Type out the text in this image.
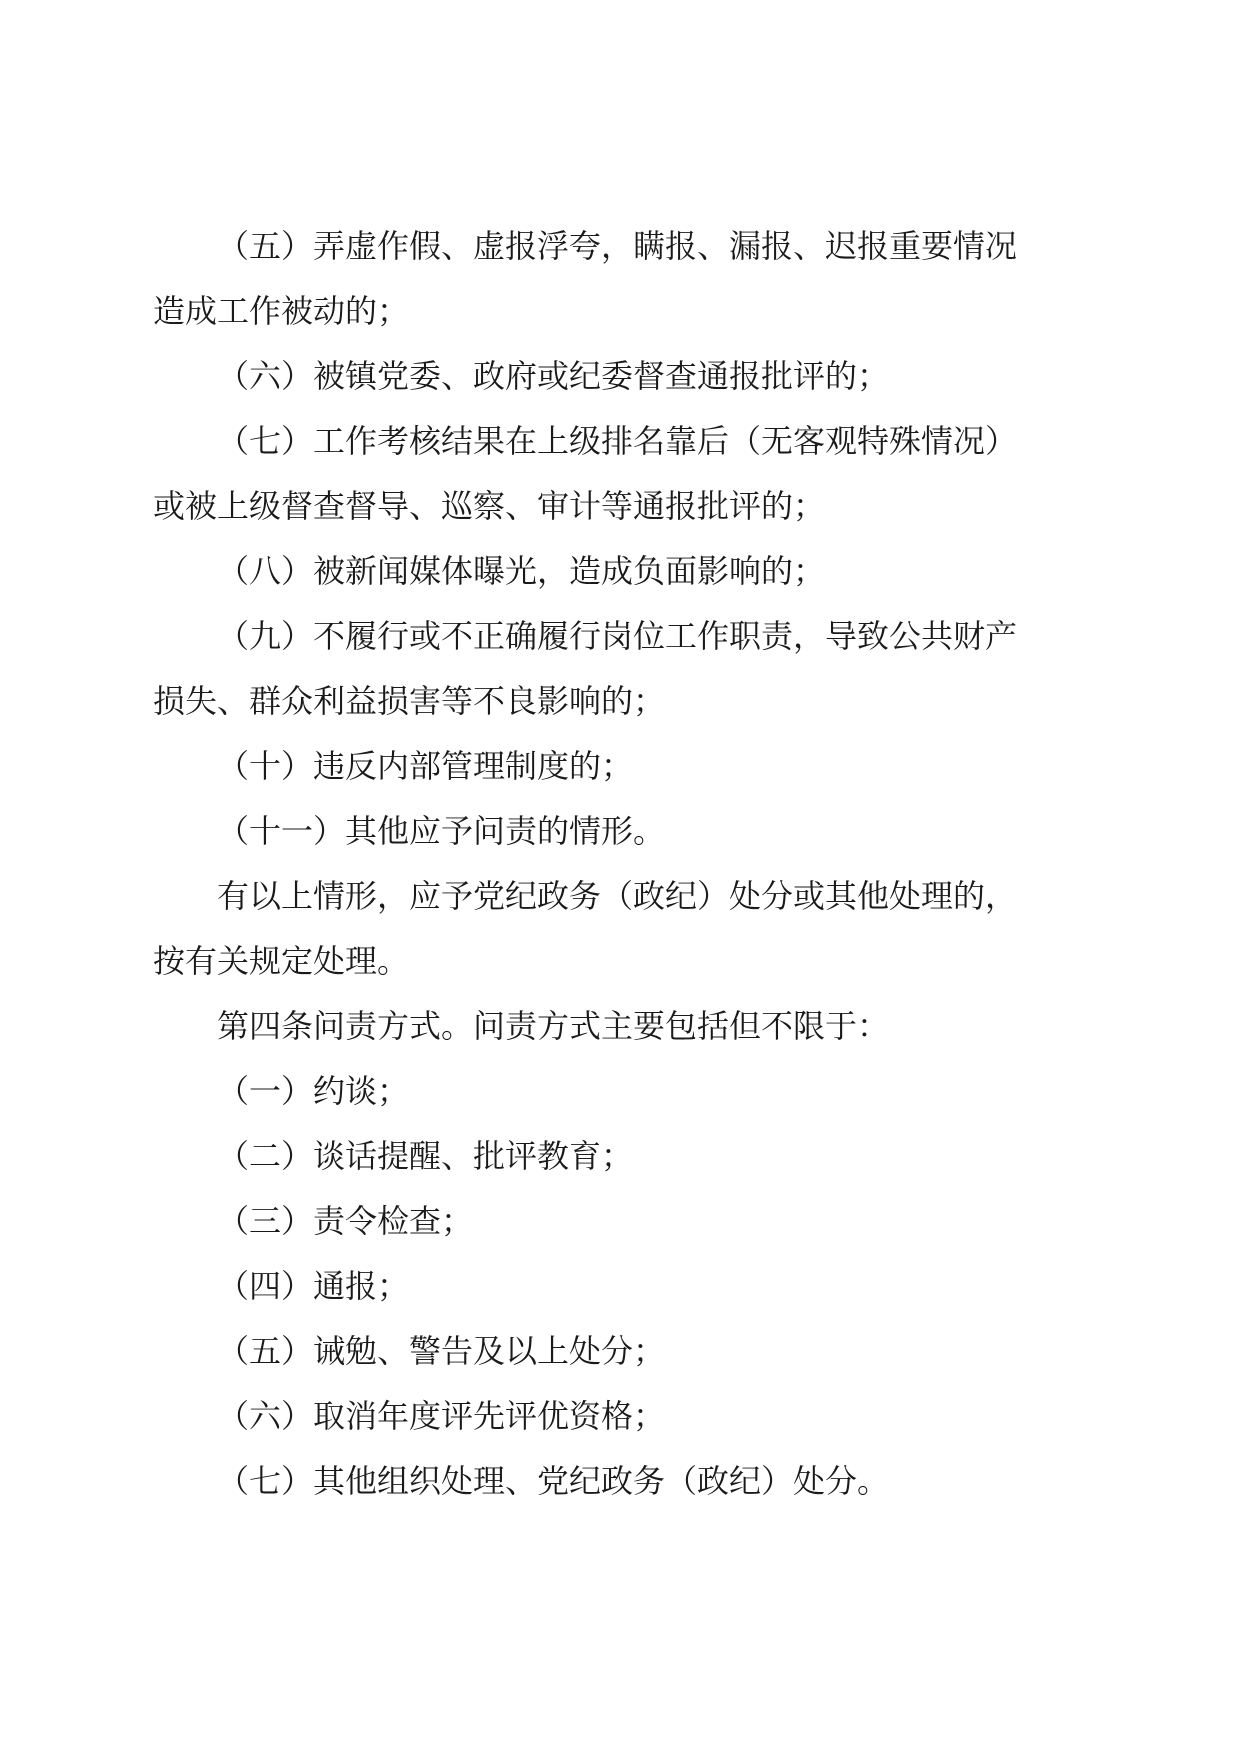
（五）弄虚作假、虚报浮夸，瞒报、漏报、迟报重要情况
造成工作被动的；
（六）被镇党委、政府或纪委督查通报批评的；
（七）工作考核结果在上级排名靠后（无客观特殊情况）
或被上级督查督导、巡察、审计等通报批评的；
（八）被新闻媒体曝光，造成负面影响的；
（九）不履行或不正确履行岗位工作职责，导致公共财产
损失、群众利益损害等不良影响的；
（十）违反内部管理制度的；
（十一）其他应予问责的情形。
有以上情形，应予党纪政务（政纪）处分或其他处理的，
按有关规定处理。
第四条问责方式。问责方式主要包括但不限于：
（一）约谈；
（二）谈话提醒、批评教育；
（三）责令检查；
（四）通报；
（五）诫勉、警告及以上处分；
（六）取消年度评先评优资格；
（七）其他组织处理、党纪政务（政纪）处分。
